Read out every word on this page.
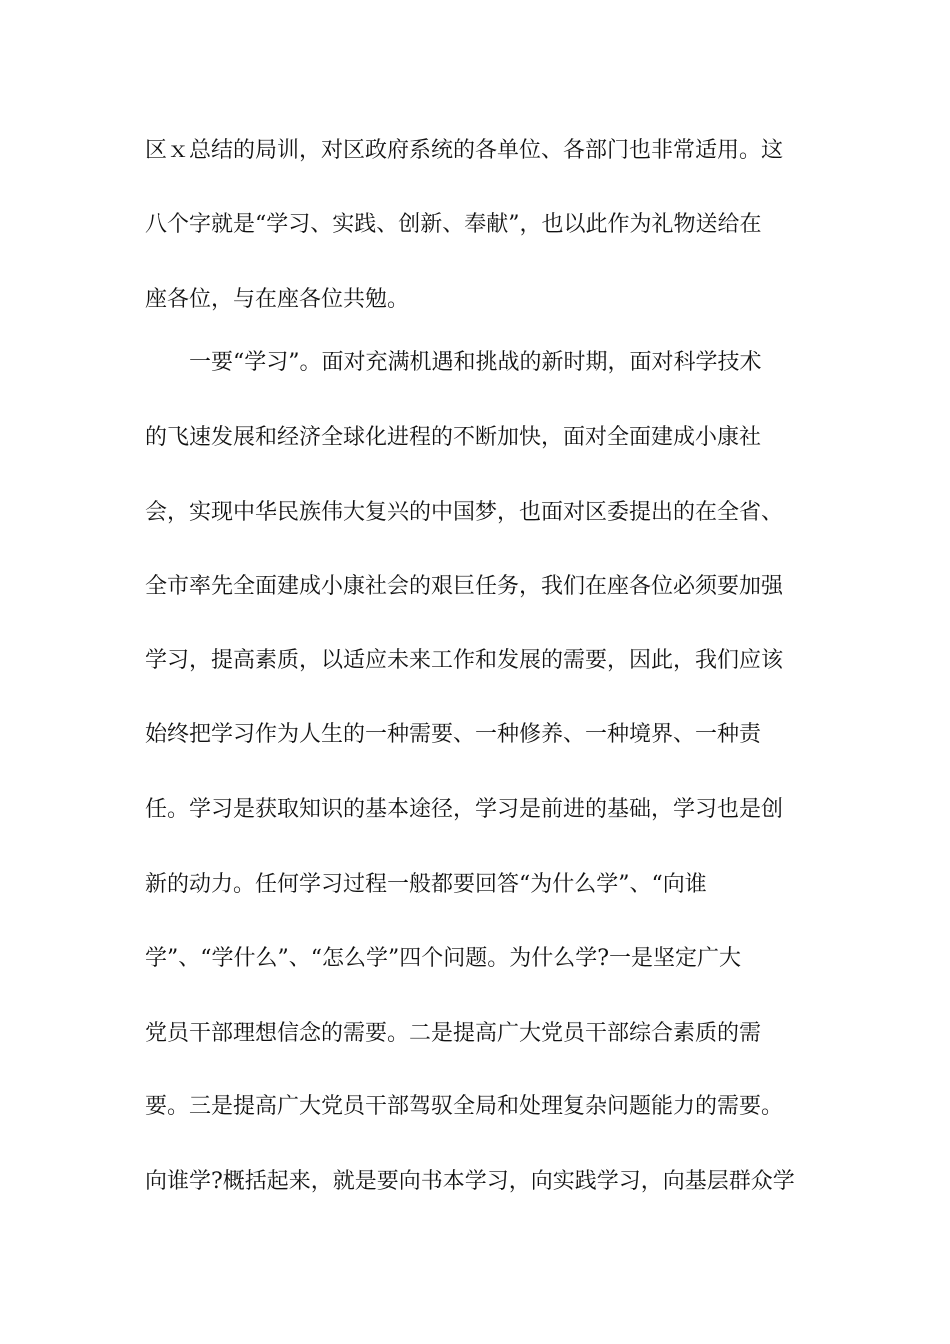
区ｘ总结的局训，对区政府系统的各单位、各部门也非常适用。这
八个字就是“学习、实践、创新、奉献”，也以此作为礼物送给在
座各位，与在座各位共勉。
一要“学习”。面对充满机遇和挑战的新时期，面对科学技术
的飞速发展和经济全球化进程的不断加快，面对全面建成小康社
会，实现中华民族伟大复兴的中国梦，也面对区委提出的在全省、
全市率先全面建成小康社会的艰巨任务，我们在座各位必须要加强
学习，提高素质，以适应未来工作和发展的需要，因此，我们应该
始终把学习作为人生的一种需要、一种修养、一种境界、一种责
任。学习是获取知识的基本途径，学习是前进的基础，学习也是创
新的动力。任何学习过程一般都要回答“为什么学”、“向谁
学”、“学什么”、“怎么学”四个问题。为什么学?一是坚定广大
党员干部理想信念的需要。二是提高广大党员干部综合素质的需
要。三是提高广大党员干部驾驭全局和处理复杂问题能力的需要。
向谁学?概括起来，就是要向书本学习，向实践学习，向基层群众学
